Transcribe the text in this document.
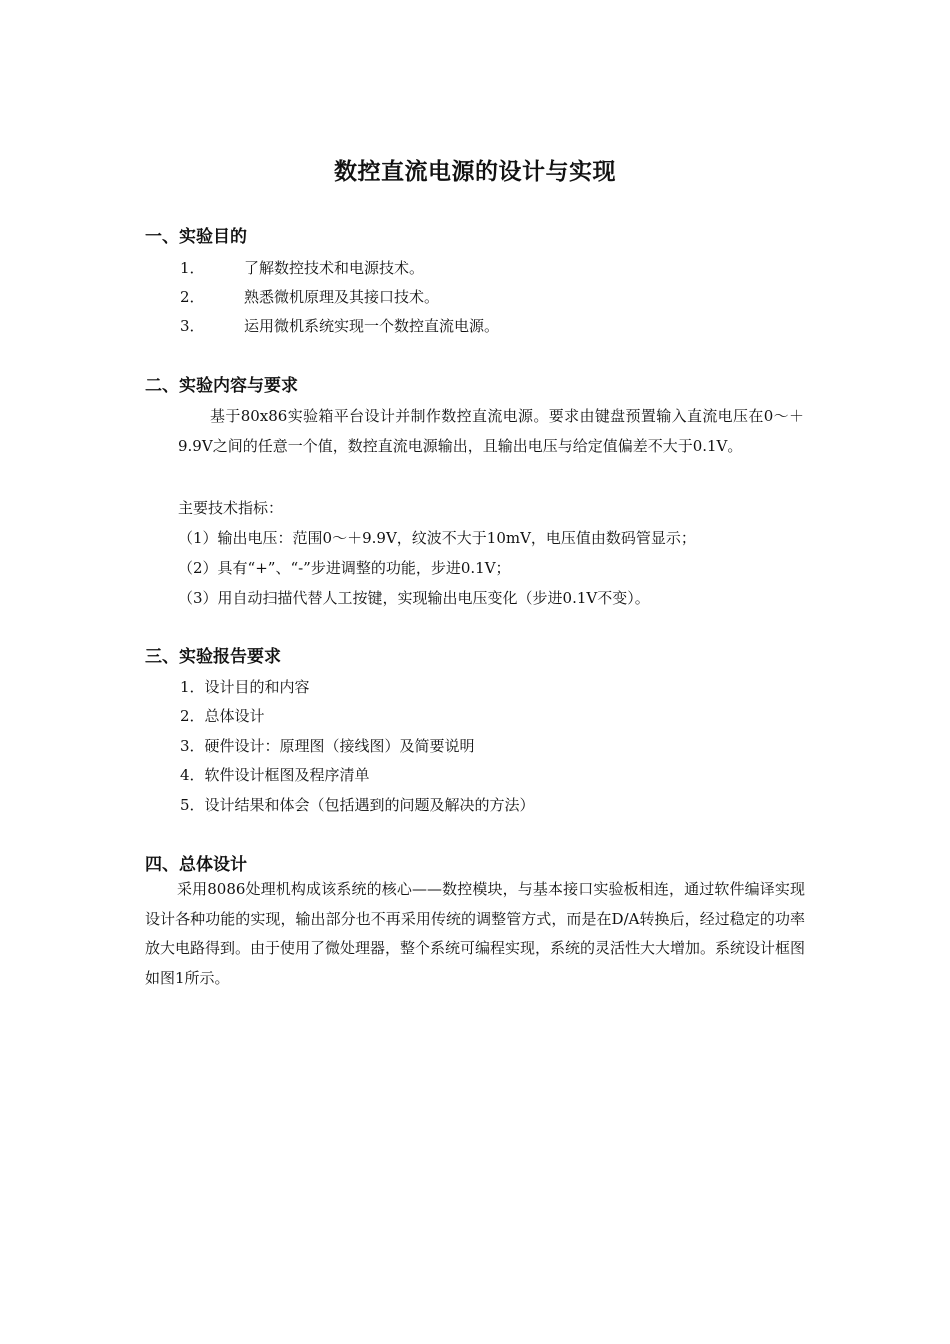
数控直流电源的设计与实现
一、实验目的
1．	了解数控技术和电源技术。
2．	熟悉微机原理及其接口技术。
3．	运用微机系统实现一个数控直流电源。
二、实验内容与要求
基于80x86实验箱平台设计并制作数控直流电源。要求由键盘预置输入直流电压在0～＋9.9V之间的任意一个值，数控直流电源输出，且输出电压与给定值偏差不大于0.1V。
主要技术指标：
（1）输出电压：范围0～＋9.9V，纹波不大于10mV，电压值由数码管显示；
（2）具有“+”、“-”步进调整的功能，步进0.1V；
（3）用自动扫描代替人工按键，实现输出电压变化（步进0.1V不变）。
三、实验报告要求
1．设计目的和内容
2．总体设计
3．硬件设计：原理图（接线图）及简要说明
4．软件设计框图及程序清单
5．设计结果和体会（包括遇到的问题及解决的方法）
四、总体设计
采用8086处理机构成该系统的核心——数控模块，与基本接口实验板相连，通过软件编译实现设计各种功能的实现，输出部分也不再采用传统的调整管方式，而是在D/A转换后，经过稳定的功率放大电路得到。由于使用了微处理器，整个系统可编程实现，系统的灵活性大大增加。系统设计框图如图1所示。
